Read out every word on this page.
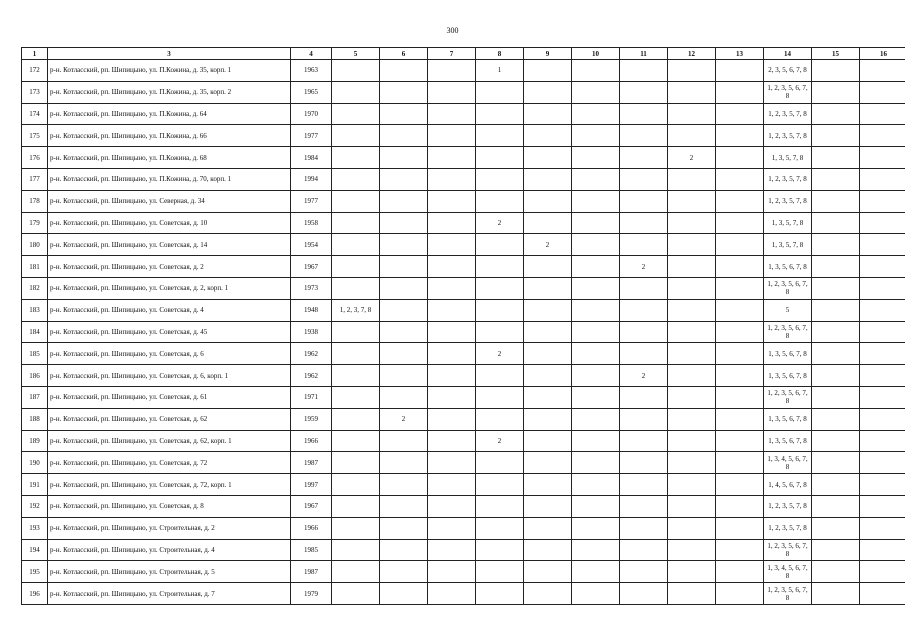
300
1	3	4	5	6	7	8	9	10	11	12	13	14	15	16
172	р-н. Котласский, рп. Шипицыно, ул. П.Кожина, д. 35, корп. 1	1963				1						2, 3, 5, 6, 7, 8		
173	р-н. Котласский, рп. Шипицыно, ул. П.Кожина, д. 35, корп. 2	1965										1, 2, 3, 5, 6, 7, 8		
174	р-н. Котласский, рп. Шипицыно, ул. П.Кожина, д. 64	1970										1, 2, 3, 5, 7, 8		
175	р-н. Котласский, рп. Шипицыно, ул. П.Кожина, д. 66	1977										1, 2, 3, 5, 7, 8		
176	р-н. Котласский, рп. Шипицыно, ул. П.Кожина, д. 68	1984								2		1, 3, 5, 7, 8		
177	р-н. Котласский, рп. Шипицыно, ул. П.Кожина, д. 70, корп. 1	1994										1, 2, 3, 5, 7, 8		
178	р-н. Котласский, рп. Шипицыно, ул. Северная, д. 34	1977										1, 2, 3, 5, 7, 8		
179	р-н. Котласский, рп. Шипицыно, ул. Советская, д. 10	1958				2						1, 3, 5, 7, 8		
180	р-н. Котласский, рп. Шипицыно, ул. Советская, д. 14	1954					2					1, 3, 5, 7, 8		
181	р-н. Котласский, рп. Шипицыно, ул. Советская, д. 2	1967							2			1, 3, 5, 6, 7, 8		
182	р-н. Котласский, рп. Шипицыно, ул. Советская, д. 2, корп. 1	1973										1, 2, 3, 5, 6, 7, 8		
183	р-н. Котласский, рп. Шипицыно, ул. Советская, д. 4	1948	1, 2, 3, 7, 8									5		
184	р-н. Котласский, рп. Шипицыно, ул. Советская, д. 45	1938										1, 2, 3, 5, 6, 7, 8		
185	р-н. Котласский, рп. Шипицыно, ул. Советская, д. 6	1962				2						1, 3, 5, 6, 7, 8		
186	р-н. Котласский, рп. Шипицыно, ул. Советская, д. 6, корп. 1	1962							2			1, 3, 5, 6, 7, 8		
187	р-н. Котласский, рп. Шипицыно, ул. Советская, д. 61	1971										1, 2, 3, 5, 6, 7, 8		
188	р-н. Котласский, рп. Шипицыно, ул. Советская, д. 62	1959		2								1, 3, 5, 6, 7, 8		
189	р-н. Котласский, рп. Шипицыно, ул. Советская, д. 62, корп. 1	1966				2						1, 3, 5, 6, 7, 8		
190	р-н. Котласский, рп. Шипицыно, ул. Советская, д. 72	1987										1, 3, 4, 5, 6, 7, 8		
191	р-н. Котласский, рп. Шипицыно, ул. Советская, д. 72, корп. 1	1997										1, 4, 5, 6, 7, 8		
192	р-н. Котласский, рп. Шипицыно, ул. Советская, д. 8	1967										1, 2, 3, 5, 7, 8		
193	р-н. Котласский, рп. Шипицыно, ул. Строительная, д. 2	1966										1, 2, 3, 5, 7, 8		
194	р-н. Котласский, рп. Шипицыно, ул. Строительная, д. 4	1985										1, 2, 3, 5, 6, 7, 8		
195	р-н. Котласский, рп. Шипицыно, ул. Строительная, д. 5	1987										1, 3, 4, 5, 6, 7, 8		
196	р-н. Котласский, рп. Шипицыно, ул. Строительная, д. 7	1979										1, 2, 3, 5, 6, 7, 8		
